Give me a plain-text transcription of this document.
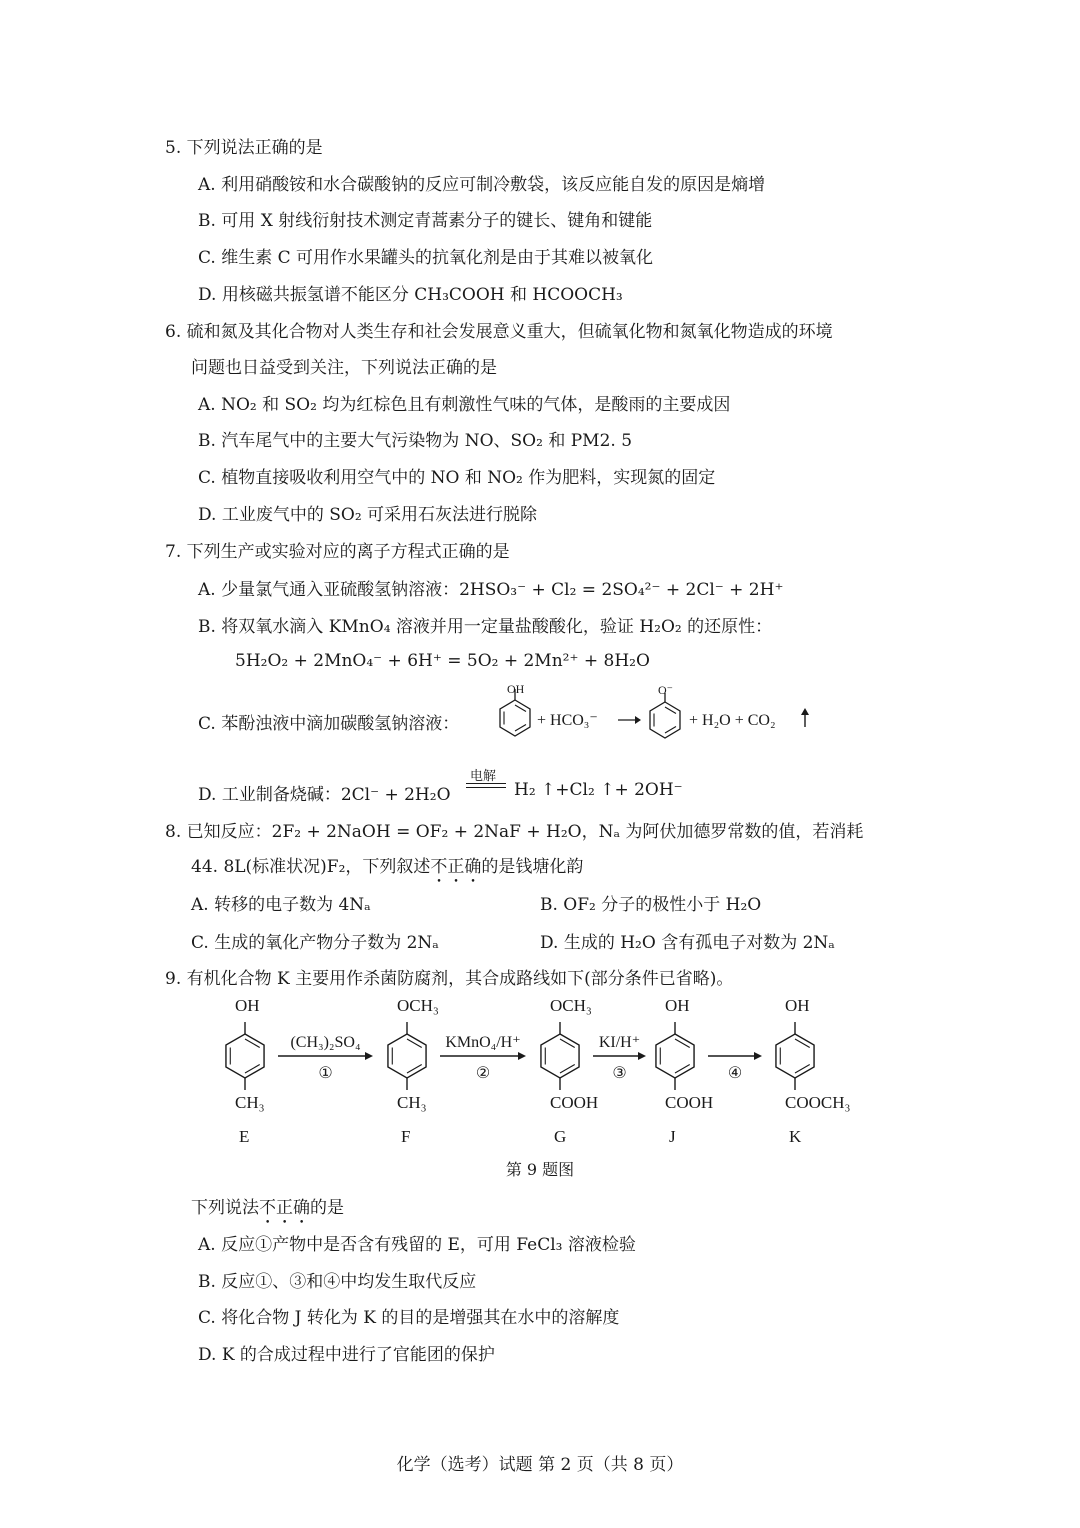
5. 下列说法正确的是
A. 利用硝酸铵和水合碳酸钠的反应可制冷敷袋，该反应能自发的原因是熵增
B. 可用 X 射线衍射技术测定青蒿素分子的键长、键角和键能
C. 维生素 C 可用作水果罐头的抗氧化剂是由于其难以被氧化
D. 用核磁共振氢谱不能区分 CH₃COOH 和 HCOOCH₃
6. 硫和氮及其化合物对人类生存和社会发展意义重大，但硫氧化物和氮氧化物造成的环境
问题也日益受到关注，下列说法正确的是
A. NO₂ 和 SO₂ 均为红棕色且有刺激性气味的气体，是酸雨的主要成因
B. 汽车尾气中的主要大气污染物为 NO、SO₂ 和 PM2. 5
C. 植物直接吸收利用空气中的 NO 和 NO₂ 作为肥料，实现氮的固定
D. 工业废气中的 SO₂ 可采用石灰法进行脱除
7. 下列生产或实验对应的离子方程式正确的是
A. 少量氯气通入亚硫酸氢钠溶液：2HSO₃⁻ + Cl₂ = 2SO₄²⁻ + 2Cl⁻ + 2H⁺
B. 将双氧水滴入 KMnO₄ 溶液并用一定量盐酸酸化，验证 H₂O₂ 的还原性：
5H₂O₂ + 2MnO₄⁻ + 6H⁺ = 5O₂ + 2Mn²⁺ + 8H₂O
C. 苯酚浊液中滴加碳酸氢钠溶液：
OH
+ HCO₃⁻
O⁻
+ H₂O + CO₂
D. 工业制备烧碱：2Cl⁻ + 2H₂O
电解
H₂ ↑+Cl₂ ↑+ 2OH⁻
8. 已知反应：2F₂ + 2NaOH = OF₂ + 2NaF + H₂O，Nₐ 为阿伏加德罗常数的值，若消耗
44. 8L(标准状况)F₂，下列叙述不正确的是钱塘化韵
A. 转移的电子数为 4Nₐ	B. OF₂ 分子的极性小于 H₂O
C. 生成的氧化产物分子数为 2Nₐ	D. 生成的 H₂O 含有孤电子对数为 2Nₐ
9. 有机化合物 K 主要用作杀菌防腐剂，其合成路线如下(部分条件已省略)。
OH
CH₃
E
OCH₃
CH₃
F
OCH₃
COOH
G
OH
COOH
J
OH
COOCH₃
K
(CH₃)₂SO₄
①
KMnO₄/H⁺
②
KI/H⁺
③	④
第 9 题图
下列说法不正确的是
A. 反应①产物中是否含有残留的 E，可用 FeCl₃ 溶液检验
B. 反应①、③和④中均发生取代反应
C. 将化合物 J 转化为 K 的目的是增强其在水中的溶解度
D. K 的合成过程中进行了官能团的保护
化学（选考）试题 第 2 页（共 8 页）
